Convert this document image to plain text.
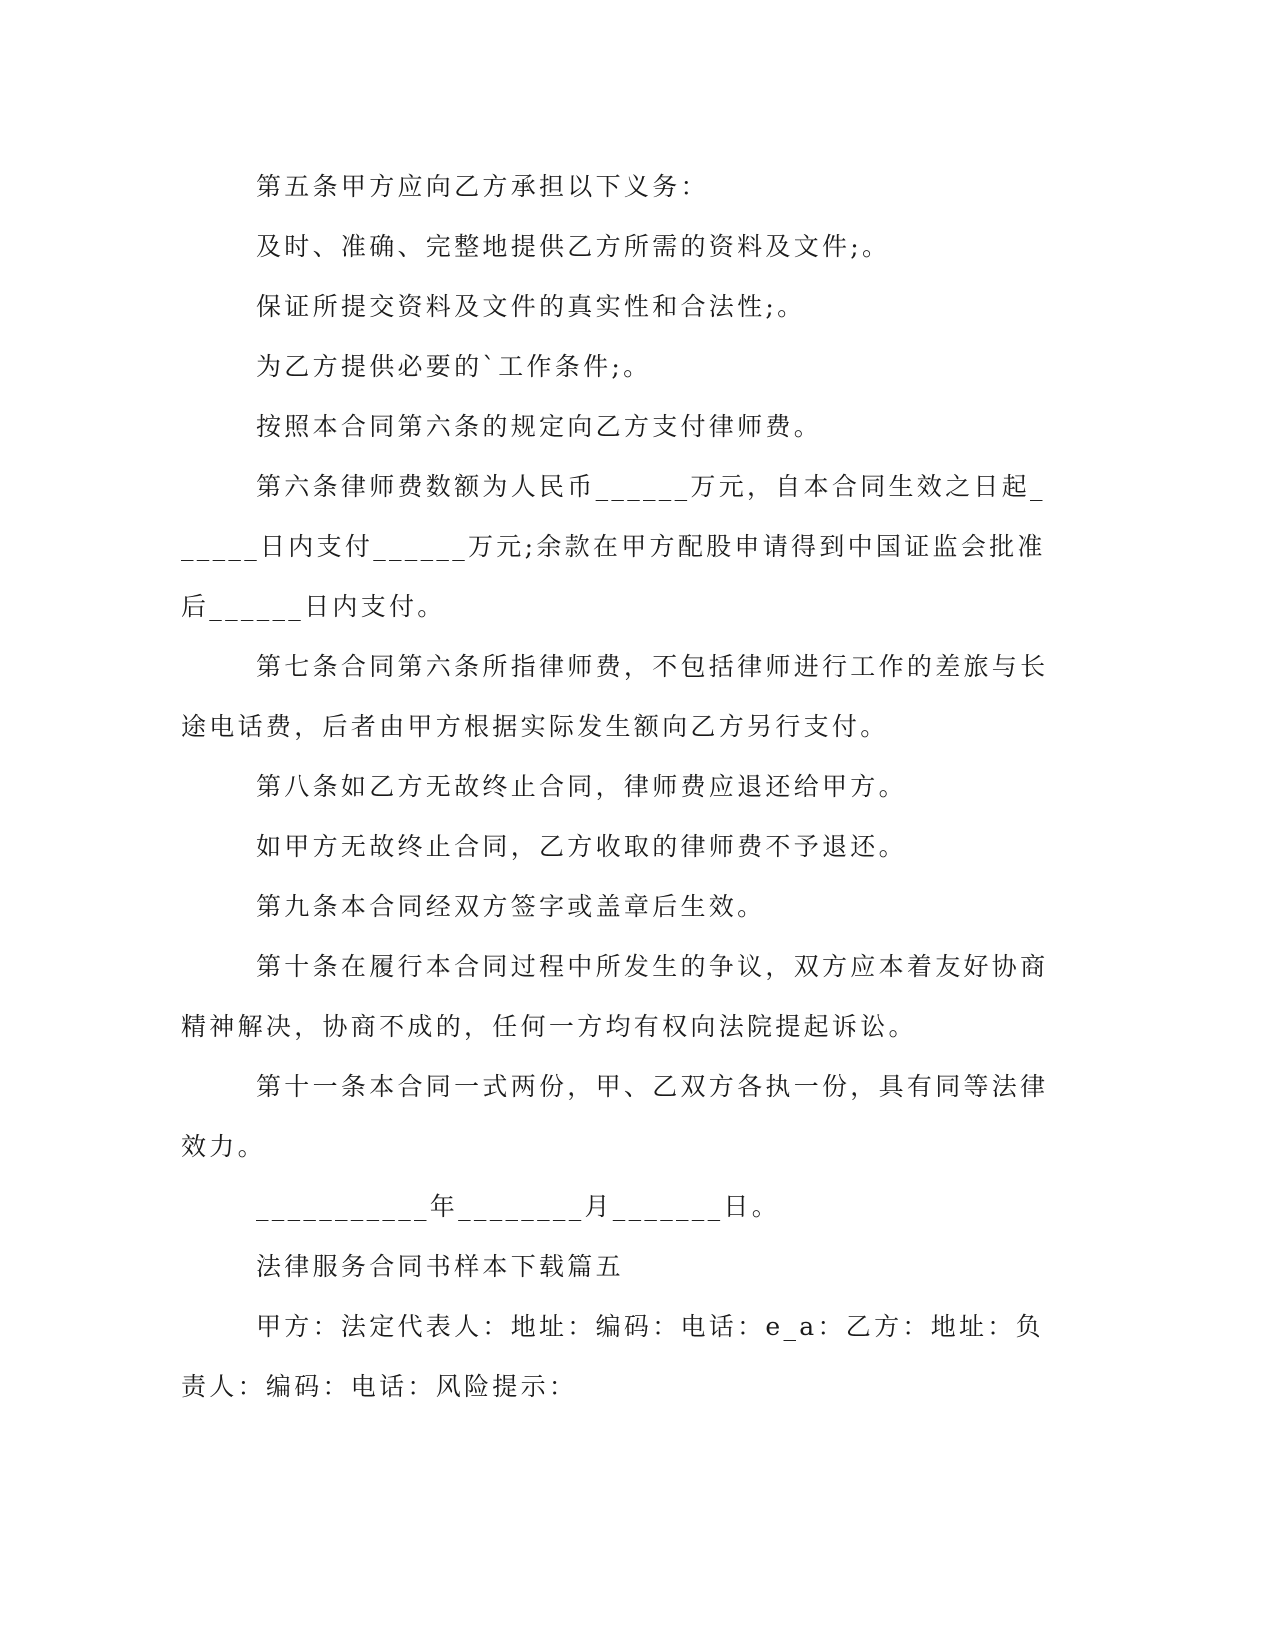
第五条甲方应向乙方承担以下义务：

及时、准确、完整地提供乙方所需的资料及文件;。

保证所提交资料及文件的真实性和合法性;。

为乙方提供必要的`工作条件;。

按照本合同第六条的规定向乙方支付律师费。

第六条律师费数额为人民币______万元，自本合同生效之日起______日内支付______万元;余款在甲方配股申请得到中国证监会批准后______日内支付。

第七条合同第六条所指律师费，不包括律师进行工作的差旅与长途电话费，后者由甲方根据实际发生额向乙方另行支付。

第八条如乙方无故终止合同，律师费应退还给甲方。

如甲方无故终止合同，乙方收取的律师费不予退还。

第九条本合同经双方签字或盖章后生效。

第十条在履行本合同过程中所发生的争议，双方应本着友好协商精神解决，协商不成的，任何一方均有权向法院提起诉讼。

第十一条本合同一式两份，甲、乙双方各执一份，具有同等法律效力。

___________年________月_______日。

法律服务合同书样本下载篇五

甲方：法定代表人：地址：编码：电话：e_a：乙方：地址：负责人：编码：电话：风险提示：
